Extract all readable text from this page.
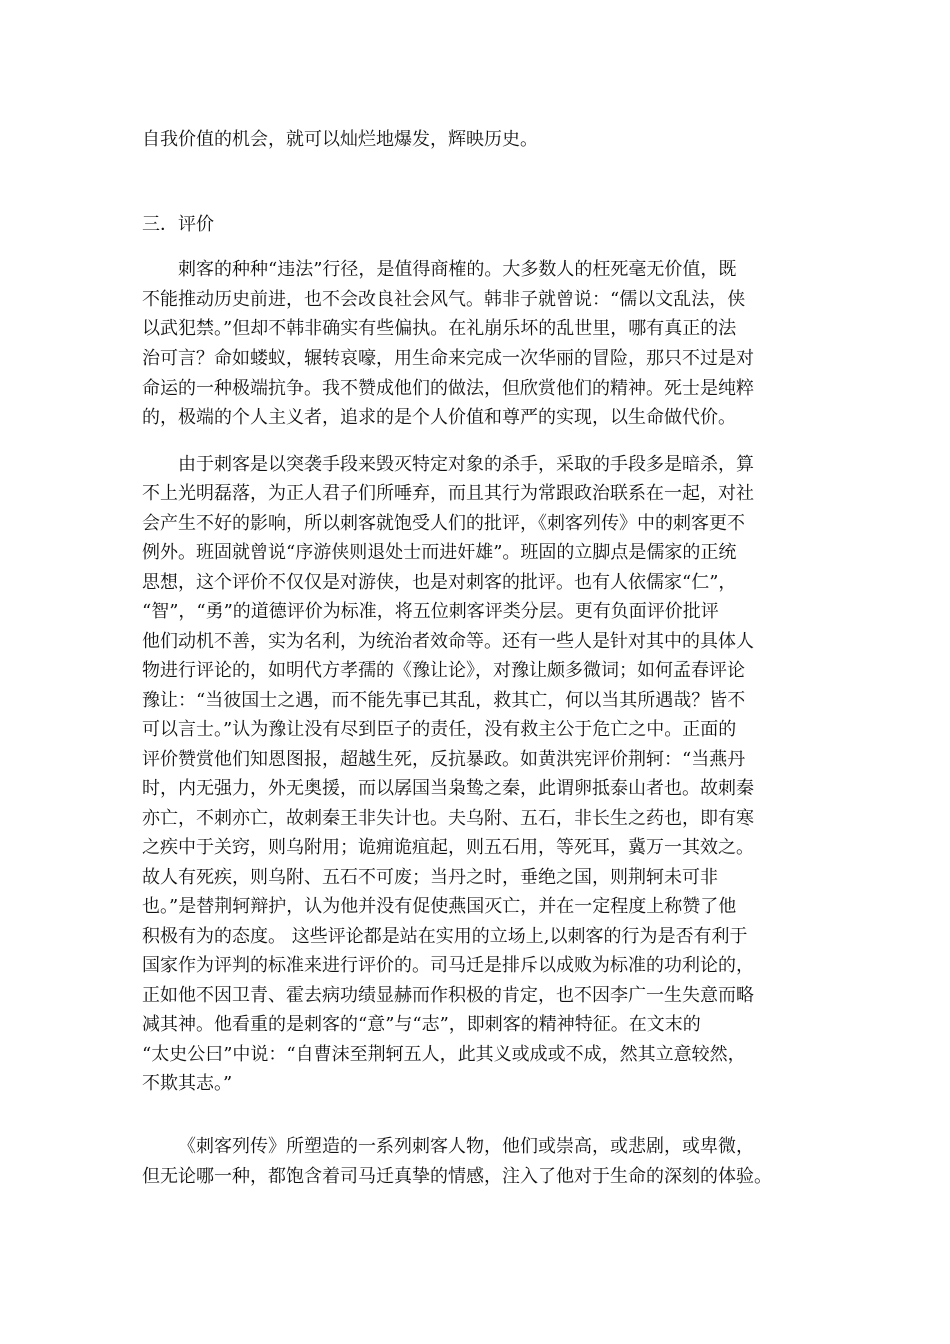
自我价值的机会，就可以灿烂地爆发，辉映历史。
三．评价
刺客的种种“违法”行径，是值得商榷的。大多数人的枉死毫无价值，既
不能推动历史前进，也不会改良社会风气。韩非子就曾说：“儒以文乱法，侠
以武犯禁。”但却不韩非确实有些偏执。在礼崩乐坏的乱世里，哪有真正的法
治可言？命如蝼蚁，辗转哀嚎，用生命来完成一次华丽的冒险，那只不过是对
命运的一种极端抗争。我不赞成他们的做法，但欣赏他们的精神。死士是纯粹
的，极端的个人主义者，追求的是个人价值和尊严的实现，以生命做代价。
由于刺客是以突袭手段来毁灭特定对象的杀手，采取的手段多是暗杀，算
不上光明磊落，为正人君子们所唾弃，而且其行为常跟政治联系在一起，对社
会产生不好的影响，所以刺客就饱受人们的批评，《刺客列传》中的刺客更不
例外。班固就曾说“序游侠则退处士而进奸雄”。班固的立脚点是儒家的正统
思想，这个评价不仅仅是对游侠，也是对刺客的批评。也有人依儒家“仁”，
“智”，“勇”的道德评价为标准，将五位刺客评类分层。更有负面评价批评
他们动机不善，实为名利，为统治者效命等。还有一些人是针对其中的具体人
物进行评论的，如明代方孝孺的《豫让论》，对豫让颇多微词；如何孟春评论
豫让：“当彼国士之遇，而不能先事已其乱，救其亡，何以当其所遇哉？皆不
可以言士。”认为豫让没有尽到臣子的责任，没有救主公于危亡之中。正面的
评价赞赏他们知恩图报，超越生死，反抗暴政。如黄洪宪评价荆轲：“当燕丹
时，内无强力，外无奥援，而以孱国当枭鸷之秦，此谓卵抵泰山者也。故刺秦
亦亡，不刺亦亡，故刺秦王非失计也。夫乌附、五石，非长生之药也，即有寒
之疾中于关窍，则乌附用；诡痈诡疽起，则五石用，等死耳，冀万一其效之。
故人有死疾，则乌附、五石不可废；当丹之时，垂绝之国，则荆轲未可非
也。”是替荆轲辩护，认为他并没有促使燕国灭亡，并在一定程度上称赞了他
积极有为的态度。 这些评论都是站在实用的立场上,以刺客的行为是否有利于
国家作为评判的标准来进行评价的。司马迁是排斥以成败为标准的功利论的，
正如他不因卫青、霍去病功绩显赫而作积极的肯定，也不因李广一生失意而略
减其神。他看重的是刺客的“意”与“志”，即刺客的精神特征。在文末的
“太史公曰”中说：“自曹沫至荆轲五人，此其义或成或不成，然其立意较然，
不欺其志。”
《刺客列传》所塑造的一系列刺客人物，他们或崇高，或悲剧，或卑微，
但无论哪一种，都饱含着司马迁真挚的情感，注入了他对于生命的深刻的体验。
